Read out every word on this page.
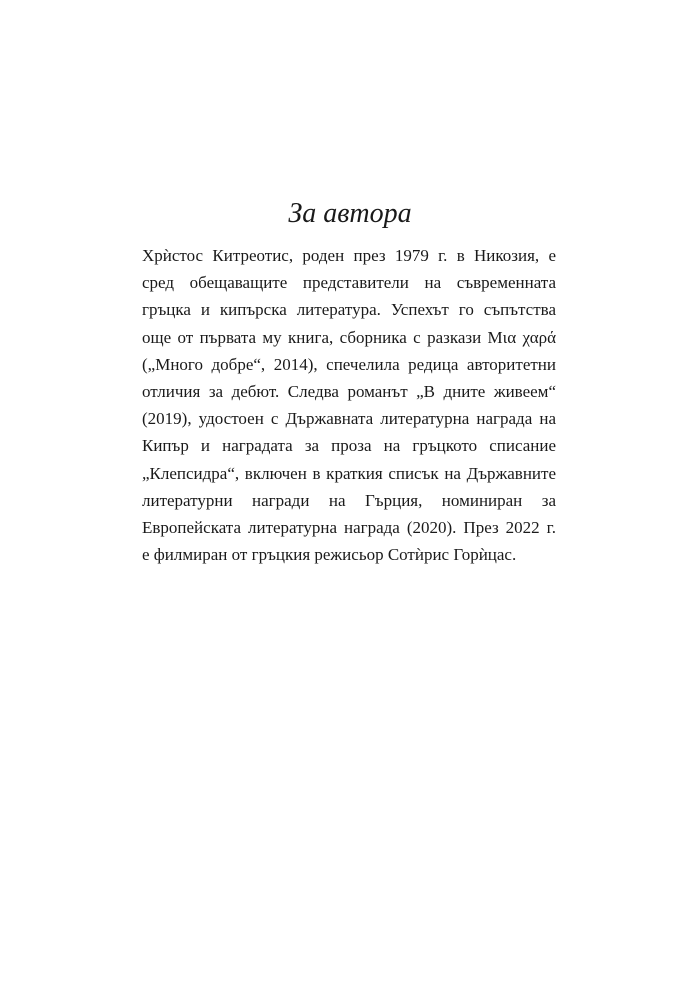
За автора
Хрѝстос Китреотис, роден през 1979 г. в Никозия, е
сред обещаващите представители на съвременната
гръцка и кипърска литература. Успехът го съпътства
още от първата му книга, сборника с разкази Μια χαρά
(„Много добре“, 2014), спечелила редица авторитетни
отличия за дебют. Следва романът „В дните живеем“
(2019), удостоен с Държавната литературна награда на
Кипър и наградата за проза на гръцкото списание
„Клепсидра“, включен в краткия списък на Държавните
литературни награди на Гърция, номиниран за
Европейската литературна награда (2020). През 2022 г.
е филмиран от гръцкия режисьор Сотѝрис Горѝцас.
